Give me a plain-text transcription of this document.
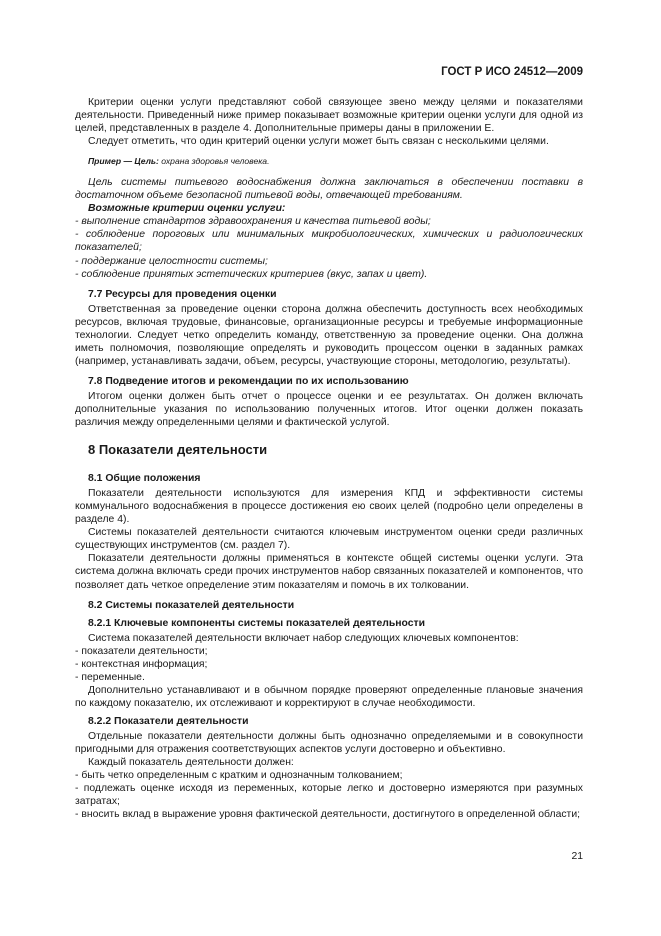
ГОСТ Р ИСО 24512—2009

Критерии оценки услуги представляют собой связующее звено между целями и показателями деятельности. Приведенный ниже пример показывает возможные критерии оценки услуги для одной из целей, представленных в разделе 4. Дополнительные примеры даны в приложении Е.

Следует отметить, что один критерий оценки услуги может быть связан с несколькими целями.

Пример — Цель: охрана здоровья человека.

Цель системы питьевого водоснабжения должна заключаться в обеспечении поставки в достаточном объеме безопасной питьевой воды, отвечающей требованиям.

Возможные критерии оценки услуги:

- выполнение стандартов здравоохранения и качества питьевой воды;

- соблюдение пороговых или минимальных микробиологических, химических и радиологических показателей;

- поддержание целостности системы;

- соблюдение принятых эстетических критериев (вкус, запах и цвет).

7.7 Ресурсы для проведения оценки

Ответственная за проведение оценки сторона должна обеспечить доступность всех необходимых ресурсов, включая трудовые, финансовые, организационные ресурсы и требуемые информационные технологии. Следует четко определить команду, ответственную за проведение оценки. Она должна иметь полномочия, позволяющие определять и руководить процессом оценки в заданных рамках (например, устанавливать задачи, объем, ресурсы, участвующие стороны, методологию, результаты).

7.8 Подведение итогов и рекомендации по их использованию

Итогом оценки должен быть отчет о процессе оценки и ее результатах. Он должен включать дополнительные указания по использованию полученных итогов. Итог оценки должен показать различия между определенными целями и фактической услугой.

8 Показатели деятельности

8.1 Общие положения

Показатели деятельности используются для измерения КПД и эффективности системы коммунального водоснабжения в процессе достижения ею своих целей (подробно цели определены в разделе 4).

Системы показателей деятельности считаются ключевым инструментом оценки среди различных существующих инструментов (см. раздел 7).

Показатели деятельности должны применяться в контексте общей системы оценки услуги. Эта система должна включать среди прочих инструментов набор связанных показателей и компонентов, что позволяет дать четкое определение этим показателям и помочь в их толковании.

8.2 Системы показателей деятельности

8.2.1 Ключевые компоненты системы показателей деятельности

Система показателей деятельности включает набор следующих ключевых компонентов:

- показатели деятельности;

- контекстная информация;

- переменные.

Дополнительно устанавливают и в обычном порядке проверяют определенные плановые значения по каждому показателю, их отслеживают и корректируют в случае необходимости.

8.2.2 Показатели деятельности

Отдельные показатели деятельности должны быть однозначно определяемыми и в совокупности пригодными для отражения соответствующих аспектов услуги достоверно и объективно.

Каждый показатель деятельности должен:

- быть четко определенным с кратким и однозначным толкованием;

- подлежать оценке исходя из переменных, которые легко и достоверно измеряются при разумных затратах;

- вносить вклад в выражение уровня фактической деятельности, достигнутого в определенной области;

21
